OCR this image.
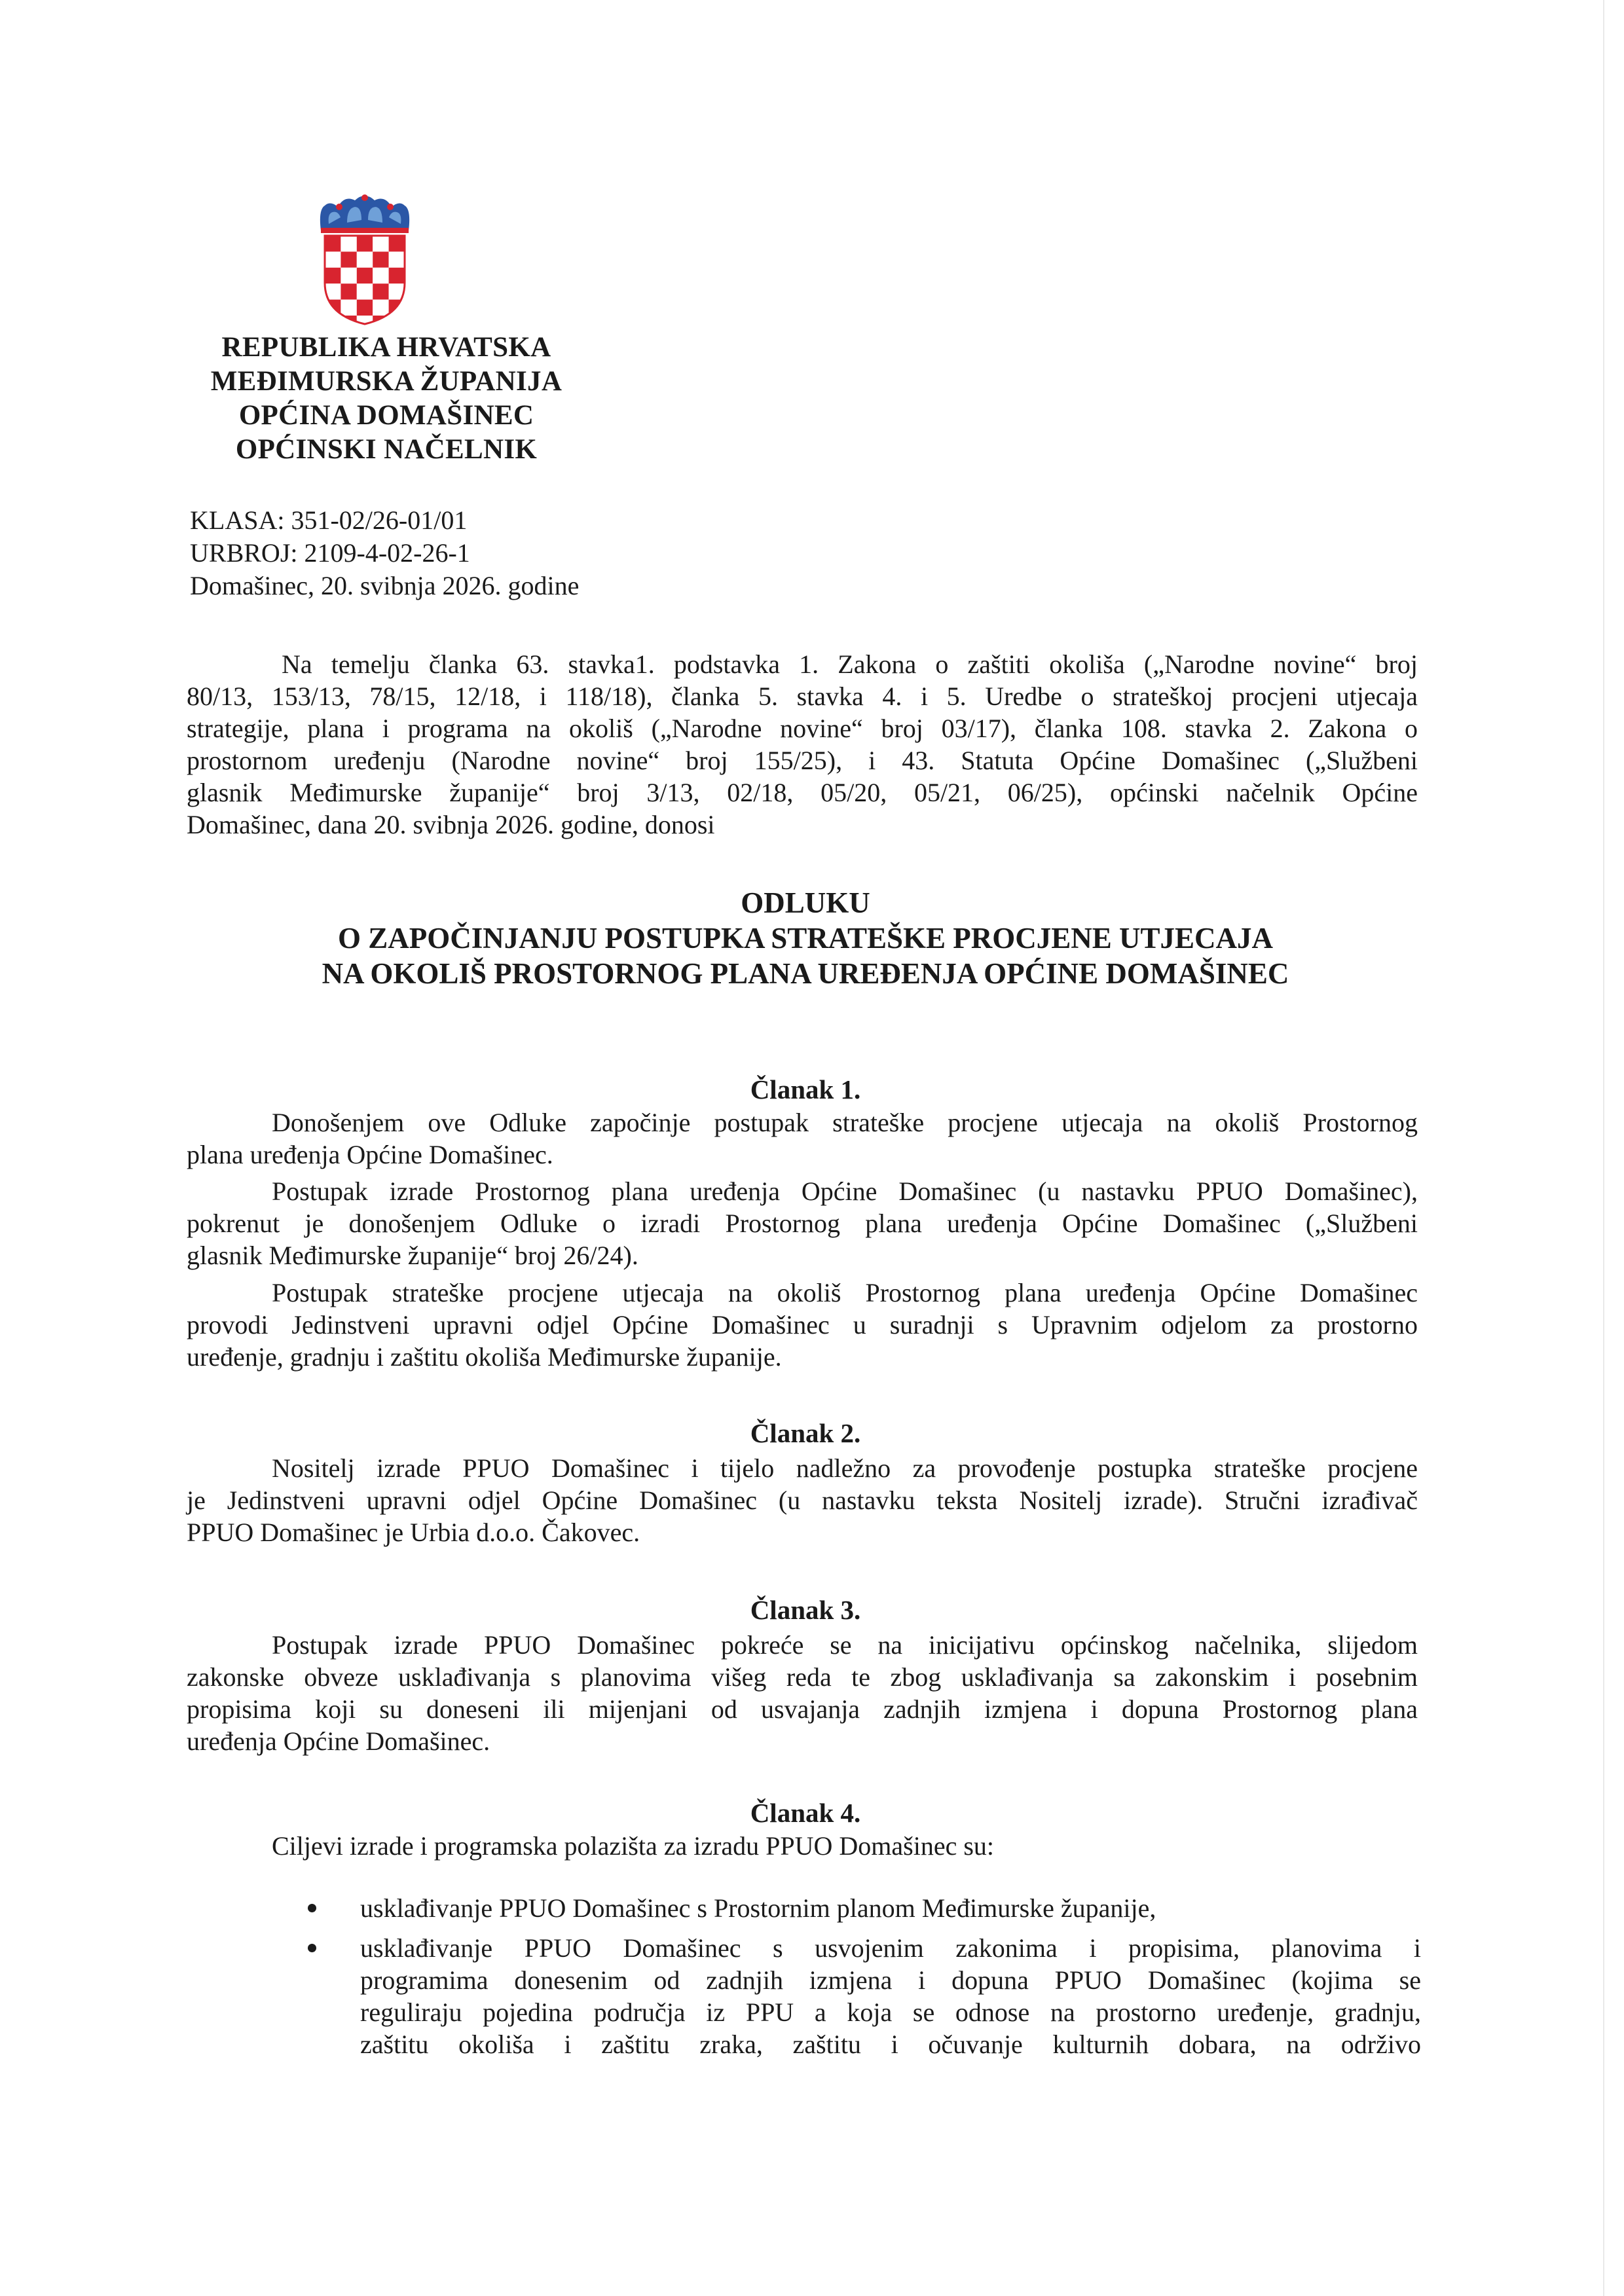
REPUBLIKA HRVATSKA
MEĐIMURSKA ŽUPANIJA
OPĆINA DOMAŠINEC
OPĆINSKI NAČELNIK
KLASA: 351-02/26-01/01
URBROJ: 2109-4-02-26-1
Domašinec, 20. svibnja 2026. godine
Na temelju članka 63. stavka1. podstavka 1. Zakona o zaštiti okoliša („Narodne novine“ broj
80/13, 153/13, 78/15, 12/18, i 118/18), članka 5. stavka 4. i 5. Uredbe o strateškoj procjeni utjecaja
strategije, plana i programa na okoliš („Narodne novine“ broj 03/17), članka 108. stavka 2. Zakona o
prostornom uređenju (Narodne novine“ broj 155/25), i 43. Statuta Općine Domašinec („Službeni
glasnik Međimurske županije“ broj 3/13, 02/18, 05/20, 05/21, 06/25), općinski načelnik Općine
Domašinec, dana 20. svibnja 2026. godine, donosi
ODLUKU
O ZAPOČINJANJU POSTUPKA STRATEŠKE PROCJENE UTJECAJA
NA OKOLIŠ PROSTORNOG PLANA UREĐENJA OPĆINE DOMAŠINEC
Članak 1.
Donošenjem ove Odluke započinje postupak strateške procjene utjecaja na okoliš Prostornog
plana uređenja Općine Domašinec.
Postupak izrade Prostornog plana uređenja Općine Domašinec (u nastavku PPUO Domašinec),
pokrenut je donošenjem Odluke o izradi Prostornog plana uređenja Općine Domašinec („Službeni
glasnik Međimurske županije“ broj 26/24).
Postupak strateške procjene utjecaja na okoliš Prostornog plana uređenja Općine Domašinec
provodi Jedinstveni upravni odjel Općine Domašinec u suradnji s Upravnim odjelom za prostorno
uređenje, gradnju i zaštitu okoliša Međimurske županije.
Članak 2.
Nositelj izrade PPUO Domašinec i tijelo nadležno za provođenje postupka strateške procjene
je Jedinstveni upravni odjel Općine Domašinec (u nastavku teksta Nositelj izrade). Stručni izrađivač
PPUO Domašinec je Urbia d.o.o. Čakovec.
Članak 3.
Postupak izrade PPUO Domašinec pokreće se na inicijativu općinskog načelnika, slijedom
zakonske obveze usklađivanja s planovima višeg reda te zbog usklađivanja sa zakonskim i posebnim
propisima koji su doneseni ili mijenjani od usvajanja zadnjih izmjena i dopuna Prostornog plana
uređenja Općine Domašinec.
Članak 4.
Ciljevi izrade i programska polazišta za izradu PPUO Domašinec su:
usklađivanje PPUO Domašinec s Prostornim planom Međimurske županije,
usklađivanje PPUO Domašinec s usvojenim zakonima i propisima, planovima i
programima donesenim od zadnjih izmjena i dopuna PPUO Domašinec (kojima se
reguliraju pojedina područja iz PPU a koja se odnose na prostorno uređenje, gradnju,
zaštitu okoliša i zaštitu zraka, zaštitu i očuvanje kulturnih dobara, na održivo
